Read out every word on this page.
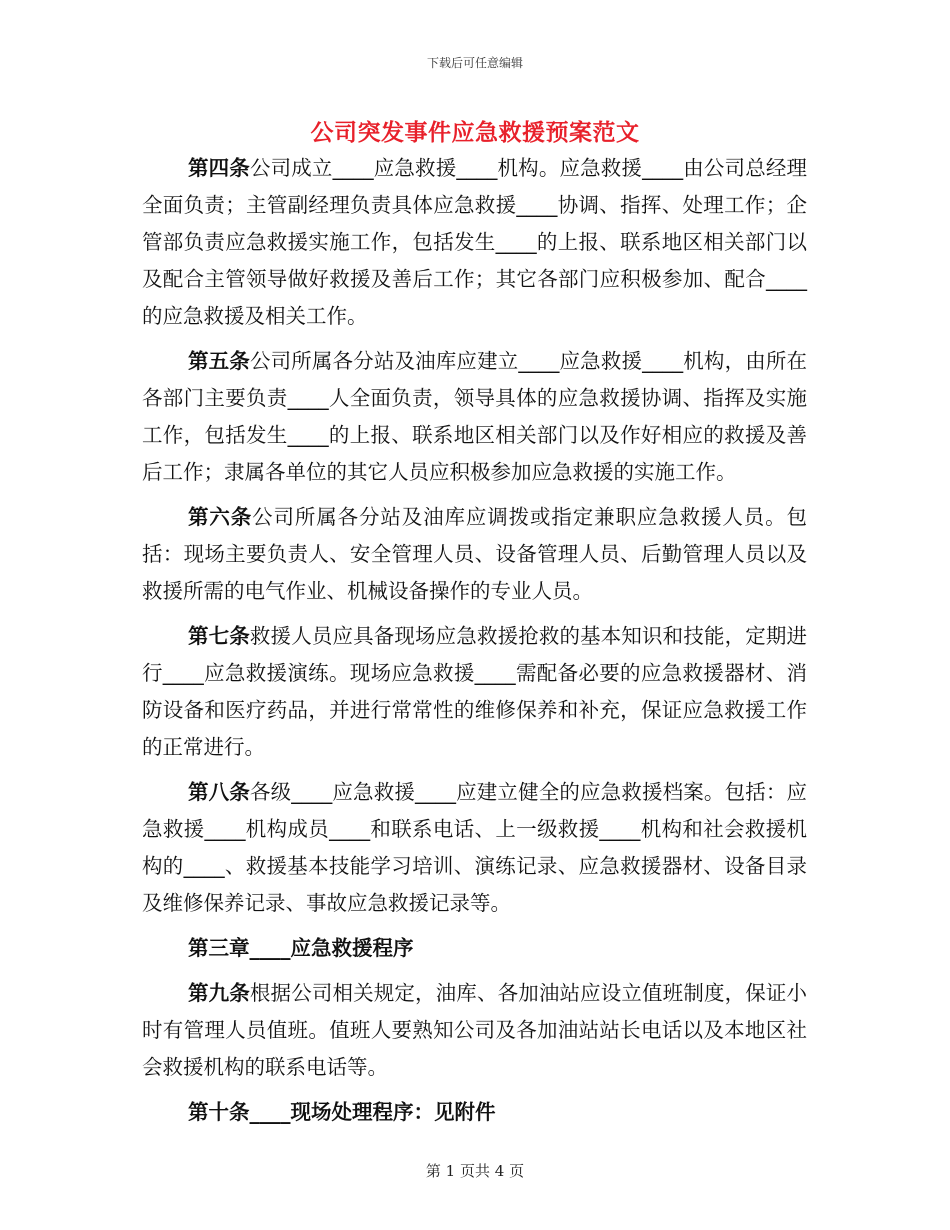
下载后可任意编辑
公司突发事件应急救援预案范文

第四条公司成立____应急救援____机构。应急救援____由公司总经理全面负责；主管副经理负责具体应急救援____协调、指挥、处理工作；企管部负责应急救援实施工作，包括发生____的上报、联系地区相关部门以及配合主管领导做好救援及善后工作；其它各部门应积极参加、配合____的应急救援及相关工作。

第五条公司所属各分站及油库应建立____应急救援____机构，由所在各部门主要负责____人全面负责，领导具体的应急救援协调、指挥及实施工作，包括发生____的上报、联系地区相关部门以及作好相应的救援及善后工作；隶属各单位的其它人员应积极参加应急救援的实施工作。

第六条公司所属各分站及油库应调拨或指定兼职应急救援人员。包括：现场主要负责人、安全管理人员、设备管理人员、后勤管理人员以及救援所需的电气作业、机械设备操作的专业人员。

第七条救援人员应具备现场应急救援抢救的基本知识和技能，定期进行____应急救援演练。现场应急救援____需配备必要的应急救援器材、消防设备和医疗药品，并进行常常性的维修保养和补充，保证应急救援工作的正常进行。

第八条各级____应急救援____应建立健全的应急救援档案。包括：应急救援____机构成员____和联系电话、上一级救援____机构和社会救援机构的____、救援基本技能学习培训、演练记录、应急救援器材、设备目录及维修保养记录、事故应急救援记录等。

第三章____应急救援程序

第九条根据公司相关规定，油库、各加油站应设立值班制度，保证小时有管理人员值班。值班人要熟知公司及各加油站站长电话以及本地区社会救援机构的联系电话等。

第十条____现场处理程序：见附件

第 1 页共 4 页
